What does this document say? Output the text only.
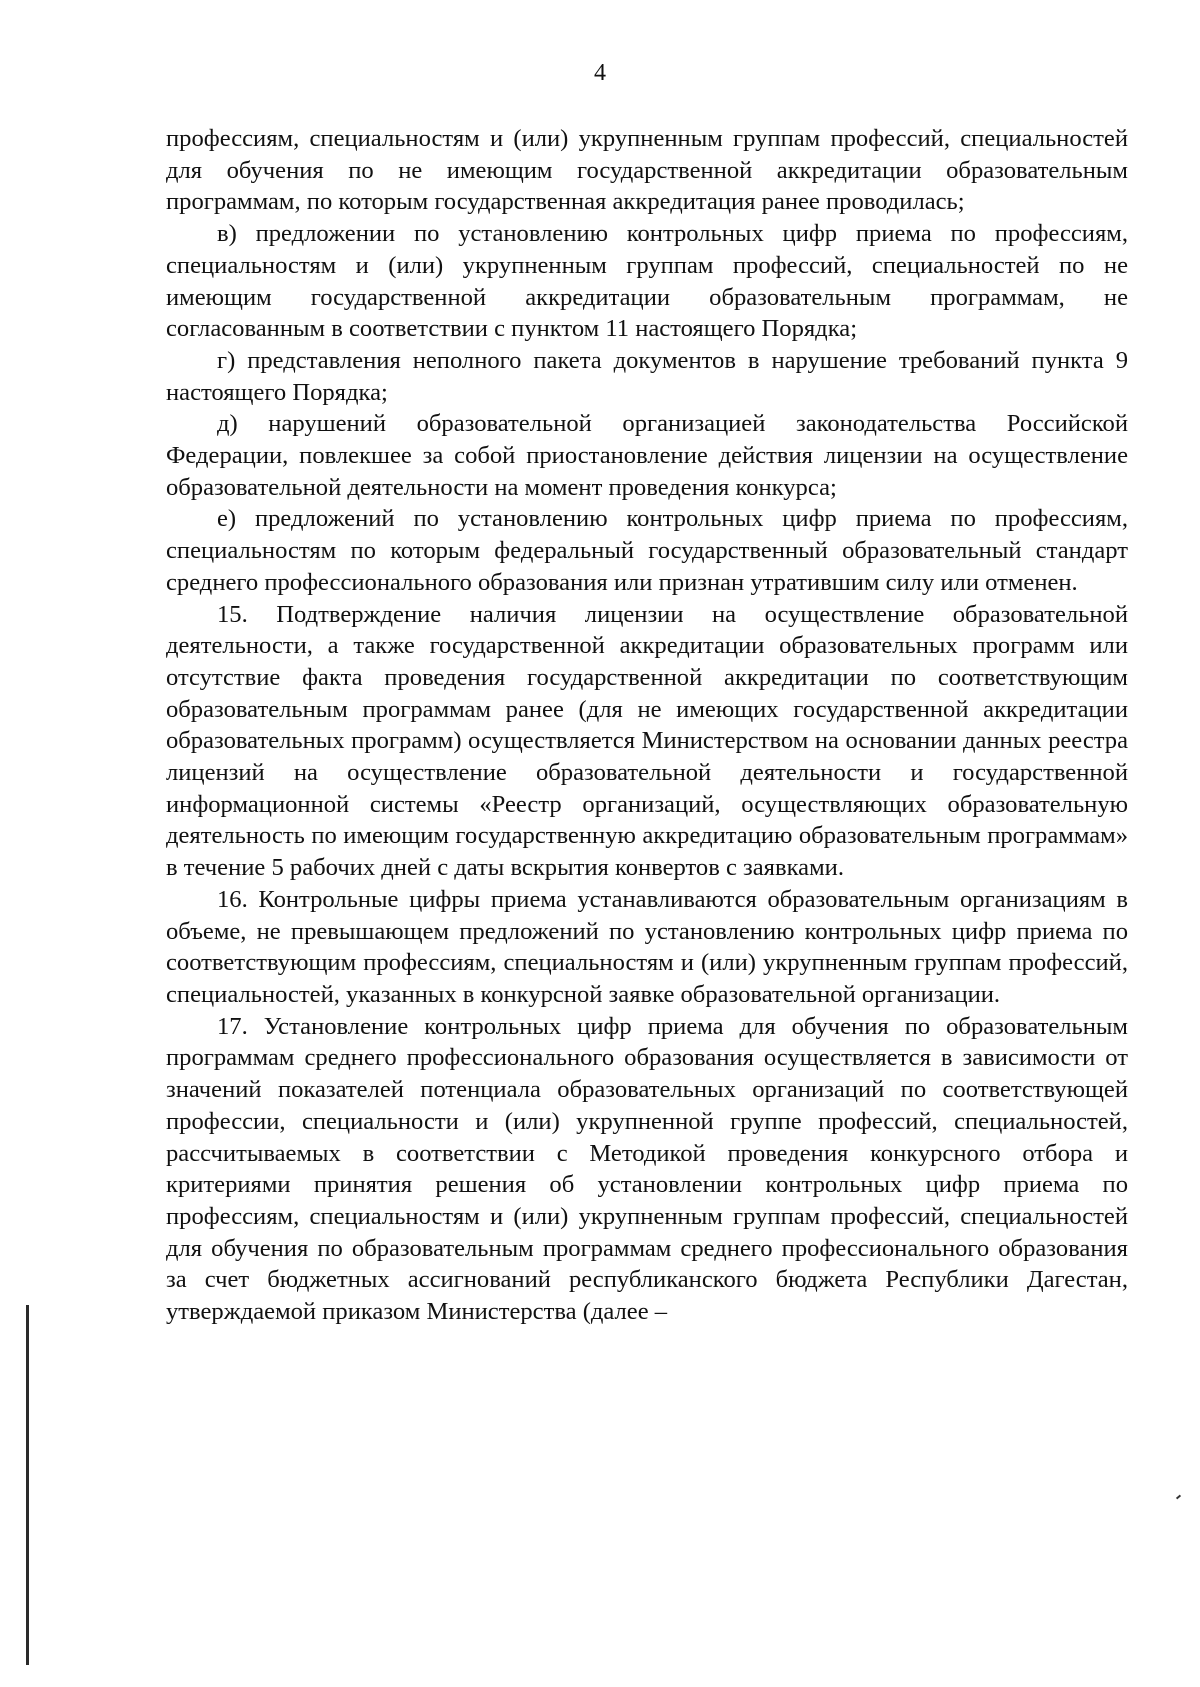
4

профессиям, специальностям и (или) укрупненным группам профессий, специальностей для обучения по не имеющим государственной аккредитации образовательным программам, по которым государственная аккредитация ранее проводилась;

в) предложении по установлению контрольных цифр приема по профессиям, специальностям и (или) укрупненным группам профессий, специальностей по не имеющим государственной аккредитации образовательным программам, не согласованным в соответствии с пунктом 11 настоящего Порядка;

г) представления неполного пакета документов в нарушение требований пункта 9 настоящего Порядка;

д) нарушений образовательной организацией законодательства Российской Федерации, повлекшее за собой приостановление действия лицензии на осуществление образовательной деятельности на момент проведения конкурса;

е) предложений по установлению контрольных цифр приема по профессиям, специальностям по которым федеральный государственный образовательный стандарт среднего профессионального образования или признан утратившим силу или отменен.

15. Подтверждение наличия лицензии на осуществление образовательной деятельности, а также государственной аккредитации образовательных программ или отсутствие факта проведения государственной аккредитации по соответствующим образовательным программам ранее (для не имеющих государственной аккредитации образовательных программ) осуществляется Министерством на основании данных реестра лицензий на осуществление образовательной деятельности и государственной информационной системы «Реестр организаций, осуществляющих образовательную деятельность по имеющим государственную аккредитацию образовательным программам» в течение 5 рабочих дней с даты вскрытия конвертов с заявками.

16. Контрольные цифры приема устанавливаются образовательным организациям в объеме, не превышающем предложений по установлению контрольных цифр приема по соответствующим профессиям, специальностям и (или) укрупненным группам профессий, специальностей, указанных в конкурсной заявке образовательной организации.

17. Установление контрольных цифр приема для обучения по образовательным программам среднего профессионального образования осуществляется в зависимости от значений показателей потенциала образовательных организаций по соответствующей профессии, специальности и (или) укрупненной группе профессий, специальностей, рассчитываемых в соответствии с Методикой проведения конкурсного отбора и критериями принятия решения об установлении контрольных цифр приема по профессиям, специальностям и (или) укрупненным группам профессий, специальностей для обучения по образовательным программам среднего профессионального образования за счет бюджетных ассигнований республиканского бюджета Республики Дагестан, утверждаемой приказом Министерства (далее –
